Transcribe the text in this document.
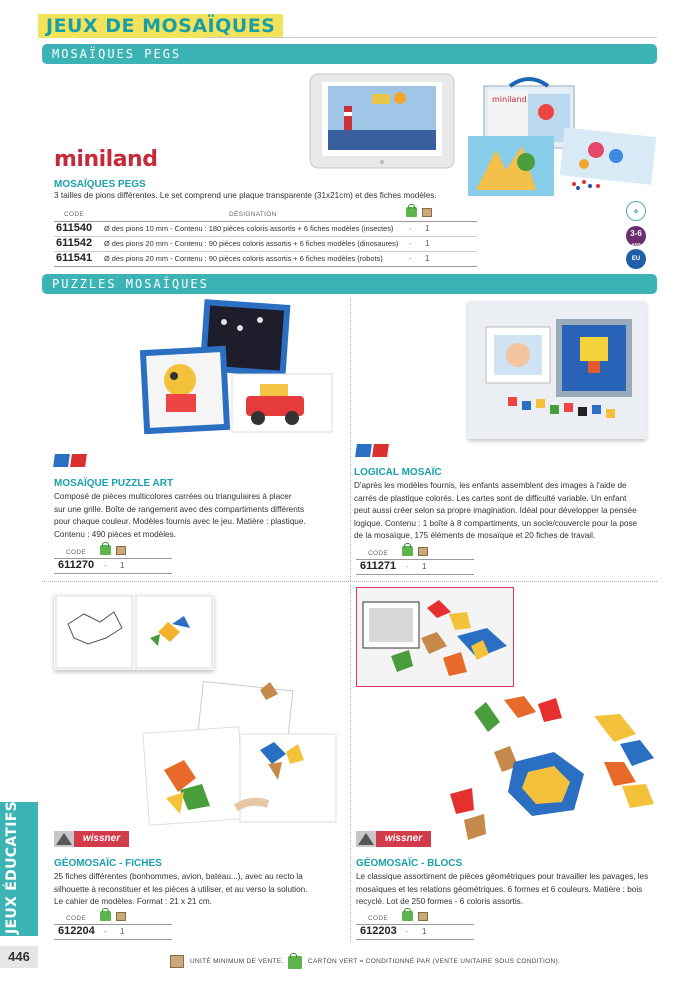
JEUX DE MOSAÏQUES
MOSAÏQUES PEGS
miniland
miniland
MOSAÏQUES PEGS
3 tailles de pions différentes. Le set comprend une plaque transparente (31x21cm) et des fiches modèles.
CODE	DÉSIGNATION
611540 Ø des pions 10 mm - Contenu : 180 pièces coloris assortis + 6 fiches modèles (insectes) - 1
611542 Ø des pions 20 mm - Contenu : 90 pièces coloris assortis + 6 fiches modèles (dinosaures) - 1
611541 Ø des pions 20 mm - Contenu : 90 pièces coloris assortis + 6 fiches modèles (robots)	- 1
♻
3-6
ANS
EU
PUZZLES MOSAÏQUES
MOSAÏQUE PUZZLE ART
Composé de pièces multicolores carrées ou triangulaires à placer
sur une grille. Boîte de rangement avec des compartiments différents
pour chaque couleur. Modèles fournis avec le jeu. Matière : plastique.
Contenu : 490 pièces et modèles.
CODE
611270 - 1
LOGICAL MOSAÏC
D'après les modèles fournis, les enfants assemblent des images à l'aide de
carrés de plastique colorés. Les cartes sont de difficulté variable. Un enfant
peut aussi créer selon sa propre imagination. Idéal pour développer la pensée
logique. Contenu : 1 boîte à 8 compartiments, un socle/couvercle pour la pose
de la mosaïque, 175 éléments de mosaïque et 20 fiches de travail.
CODE
611271 - 1
wissner
GÉOMOSAÏC - FICHES
25 fiches différentes (bonhommes, avion, bateau...), avec au recto la
silhouette à reconstituer et les pièces à utiliser, et au verso la solution.
Le cahier de modèles. Format : 21 x 21 cm.
CODE
612204 - 1
wissner
GÉOMOSAÏC - BLOCS
Le classique assortiment de pièces géométriques pour travailler les pavages, les
mosaïques et les relations géométriques. 6 formes et 6 couleurs. Matière : bois
recyclé. Lot de 250 formes - 6 coloris assortis.
CODE
612203 - 1
JEUX ÉDUCATIFS
446	UNITÉ MINIMUM DE VENTE.	CARTON VERT = CONDITIONNÉ PAR (VENTE UNITAIRE SOUS CONDITION).
